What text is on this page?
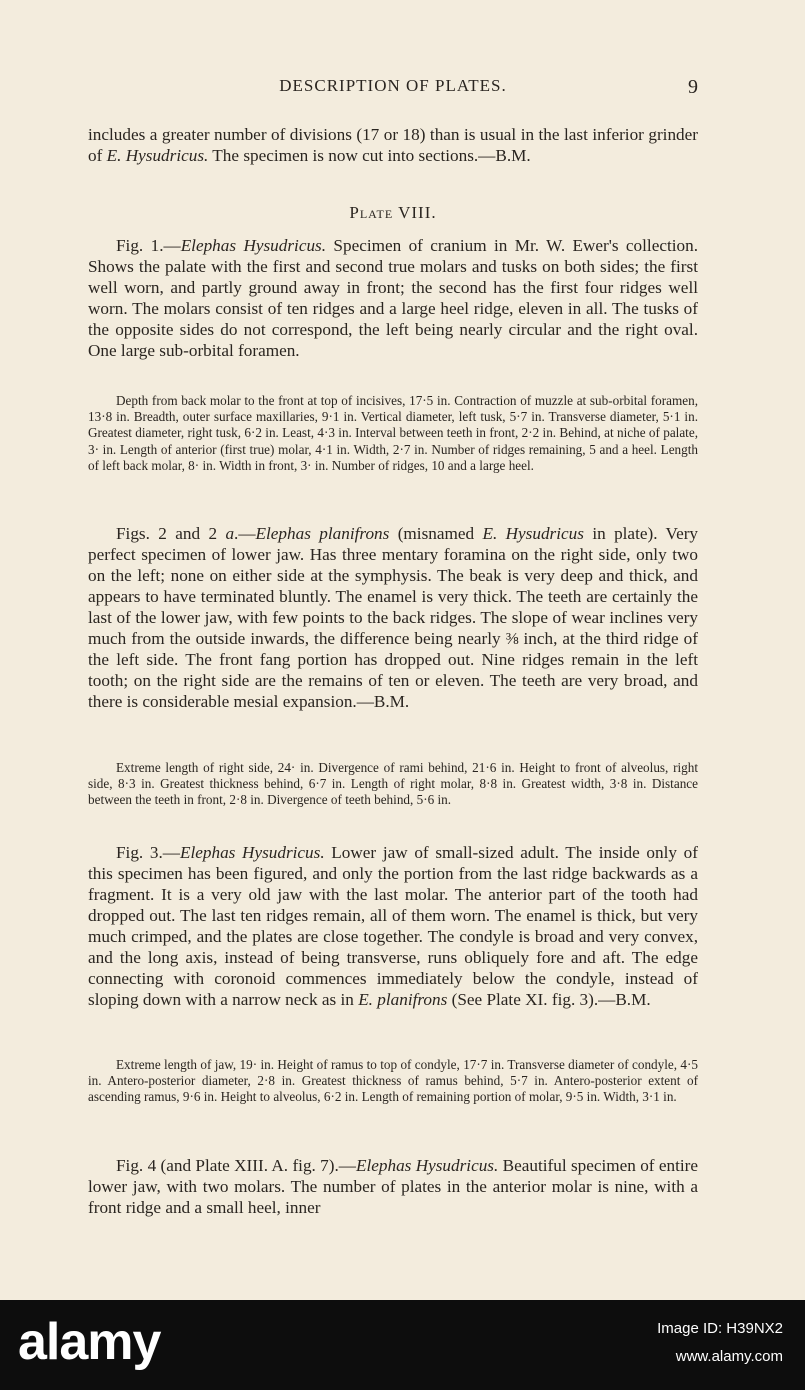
DESCRIPTION OF PLATES.	9

includes a greater number of divisions (17 or 18) than is usual in the last inferior grinder of E. Hysudricus. The specimen is now cut into sections.—B.M.

Plate VIII.

Fig. 1.—Elephas Hysudricus. Specimen of cranium in Mr. W. Ewer's collection. Shows the palate with the first and second true molars and tusks on both sides; the first well worn, and partly ground away in front; the second has the first four ridges well worn. The molars consist of ten ridges and a large heel ridge, eleven in all. The tusks of the opposite sides do not correspond, the left being nearly circular and the right oval. One large sub-orbital foramen.

Depth from back molar to the front at top of incisives, 17·5 in. Contraction of muzzle at sub-orbital foramen, 13·8 in. Breadth, outer surface maxillaries, 9·1 in. Vertical diameter, left tusk, 5·7 in. Transverse diameter, 5·1 in. Greatest diameter, right tusk, 6·2 in. Least, 4·3 in. Interval between teeth in front, 2·2 in. Behind, at niche of palate, 3· in. Length of anterior (first true) molar, 4·1 in. Width, 2·7 in. Number of ridges remaining, 5 and a heel. Length of left back molar, 8· in. Width in front, 3· in. Number of ridges, 10 and a large heel.

Figs. 2 and 2 a.—Elephas planifrons (misnamed E. Hysudricus in plate). Very perfect specimen of lower jaw. Has three mentary foramina on the right side, only two on the left; none on either side at the symphysis. The beak is very deep and thick, and appears to have terminated bluntly. The enamel is very thick. The teeth are certainly the last of the lower jaw, with few points to the back ridges. The slope of wear inclines very much from the outside inwards, the difference being nearly ⅜ inch, at the third ridge of the left side. The front fang portion has dropped out. Nine ridges remain in the left tooth; on the right side are the remains of ten or eleven. The teeth are very broad, and there is considerable mesial expansion.—B.M.

Extreme length of right side, 24· in. Divergence of rami behind, 21·6 in. Height to front of alveolus, right side, 8·3 in. Greatest thickness behind, 6·7 in. Length of right molar, 8·8 in. Greatest width, 3·8 in. Distance between the teeth in front, 2·8 in. Divergence of teeth behind, 5·6 in.

Fig. 3.—Elephas Hysudricus. Lower jaw of small-sized adult. The inside only of this specimen has been figured, and only the portion from the last ridge backwards as a fragment. It is a very old jaw with the last molar. The anterior part of the tooth had dropped out. The last ten ridges remain, all of them worn. The enamel is thick, but very much crimped, and the plates are close together. The condyle is broad and very convex, and the long axis, instead of being transverse, runs obliquely fore and aft. The edge connecting with coronoid commences immediately below the condyle, instead of sloping down with a narrow neck as in E. planifrons (See Plate XI. fig. 3).—B.M.

Extreme length of jaw, 19· in. Height of ramus to top of condyle, 17·7 in. Transverse diameter of condyle, 4·5 in. Antero-posterior diameter, 2·8 in. Greatest thickness of ramus behind, 5·7 in. Antero-posterior extent of ascending ramus, 9·6 in. Height to alveolus, 6·2 in. Length of remaining portion of molar, 9·5 in. Width, 3·1 in.

Fig. 4 (and Plate XIII. A. fig. 7).—Elephas Hysudricus. Beautiful specimen of entire lower jaw, with two molars. The number of plates in the anterior molar is nine, with a front ridge and a small heel, inner

alamy	Image ID: H39NX2
www.alamy.com
